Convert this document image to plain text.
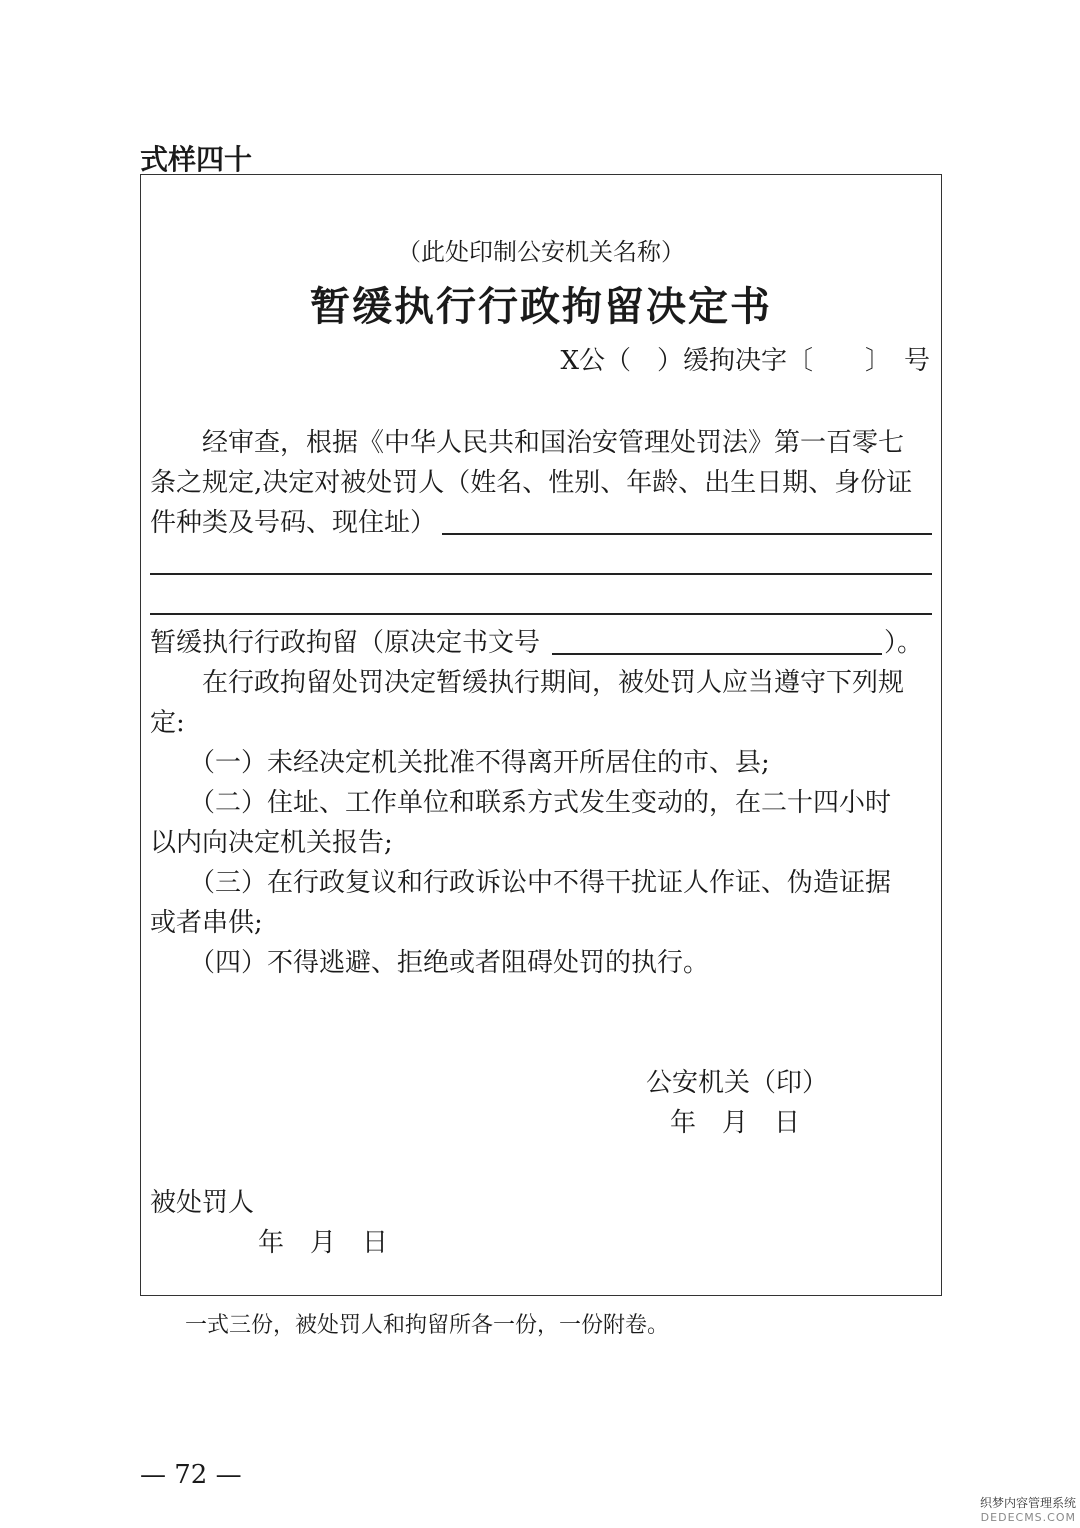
式样四十
（此处印制公安机关名称）
暂缓执行行政拘留决定书
X公（　）缓拘决字〔　　〕　号
　　经审查，根据《中华人民共和国治安管理处罚法》第一百零七
条之规定,决定对被处罚人（姓名、性别、年龄、出生日期、身份证
件种类及号码、现住址）
暂缓执行行政拘留（原决定书文号	）。
　　在行政拘留处罚决定暂缓执行期间，被处罚人应当遵守下列规
定:
　　（一）未经决定机关批准不得离开所居住的市、县;
　　（二）住址、工作单位和联系方式发生变动的，在二十四小时
以内向决定机关报告;
　　（三）在行政复议和行政诉讼中不得干扰证人作证、伪造证据
或者串供;
　　（四）不得逃避、拒绝或者阻碍处罚的执行。
公安机关（印）
年　月　日
被处罚人
年　月　日
一式三份，被处罚人和拘留所各一份，一份附卷。
— 72 —
织梦内容管理系统
DEDECMS.COM
